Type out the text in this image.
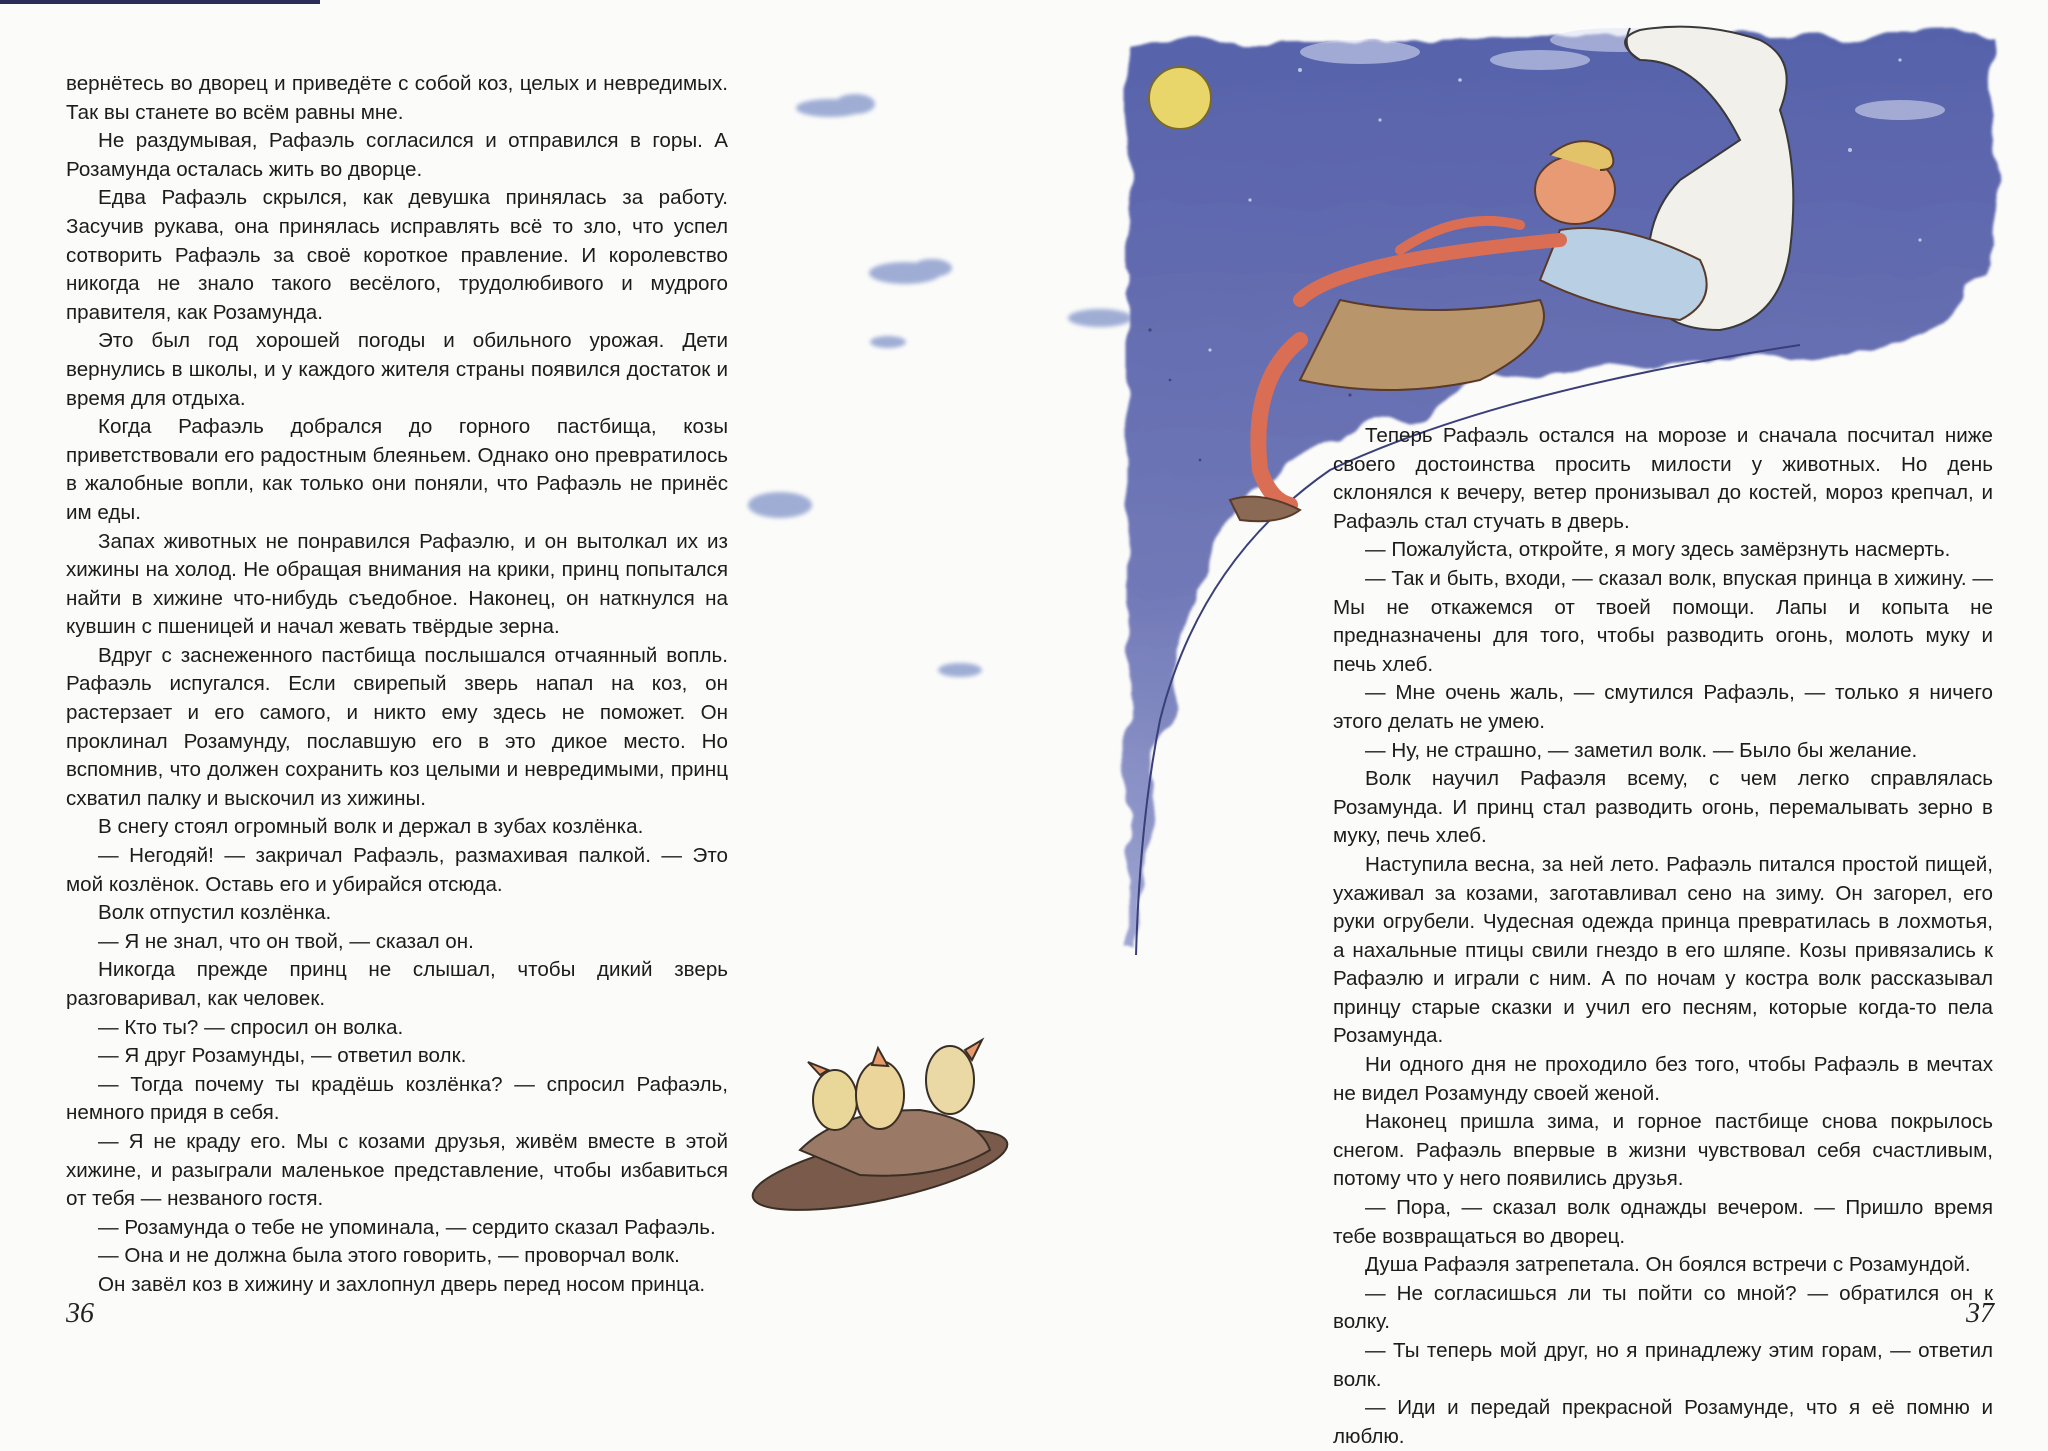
вернётесь во дворец и приведёте с собой коз, целых и невредимых. Так вы станете во всём равны мне.

Не раздумывая, Рафаэль согласился и отправился в горы. А Розамунда осталась жить во дворце.

Едва Рафаэль скрылся, как девушка принялась за работу. Засучив рукава, она принялась исправлять всё то зло, что успел сотворить Рафаэль за своё короткое правление. И королевство никогда не знало такого весёлого, трудолюбивого и мудрого правителя, как Розамунда.

Это был год хорошей погоды и обильного урожая. Дети вернулись в школы, и у каждого жителя страны появился достаток и время для отдыха.

Когда Рафаэль добрался до горного пастбища, козы приветствовали его радостным блеяньем. Однако оно превратилось в жалобные вопли, как только они поняли, что Рафаэль не принёс им еды.

Запах животных не понравился Рафаэлю, и он вытолкал их из хижины на холод. Не обращая внимания на крики, принц попытался найти в хижине что-нибудь съедобное. Наконец, он наткнулся на кувшин с пшеницей и начал жевать твёрдые зерна.

Вдруг с заснеженного пастбища послышался отчаянный вопль. Рафаэль испугался. Если свирепый зверь напал на коз, он растерзает и его самого, и никто ему здесь не поможет. Он проклинал Розамунду, пославшую его в это дикое место. Но вспомнив, что должен сохранить коз целыми и невредимыми, принц схватил палку и выскочил из хижины.

В снегу стоял огромный волк и держал в зубах козлёнка.

— Негодяй! — закричал Рафаэль, размахивая палкой. — Это мой козлёнок. Оставь его и убирайся отсюда.

Волк отпустил козлёнка.

— Я не знал, что он твой, — сказал он.

Никогда прежде принц не слышал, чтобы дикий зверь разговаривал, как человек.

— Кто ты? — спросил он волка.

— Я друг Розамунды, — ответил волк.

— Тогда почему ты крадёшь козлёнка? — спросил Рафаэль, немного придя в себя.

— Я не краду его. Мы с козами друзья, живём вместе в этой хижине, и разыграли маленькое представление, чтобы избавиться от тебя — незваного гостя.

— Розамунда о тебе не упоминала, — сердито сказал Рафаэль.

— Она и не должна была этого говорить, — проворчал волк.

Он завёл коз в хижину и захлопнул дверь перед носом принца.

36	37

Теперь Рафаэль остался на морозе и сначала посчитал ниже своего достоинства просить милости у животных. Но день склонялся к вечеру, ветер пронизывал до костей, мороз крепчал, и Рафаэль стал стучать в дверь.

— Пожалуйста, откройте, я могу здесь замёрзнуть насмерть.

— Так и быть, входи, — сказал волк, впуская принца в хижину. — Мы не откажемся от твоей помощи. Лапы и копыта не предназначены для того, чтобы разводить огонь, молоть муку и печь хлеб.

— Мне очень жаль, — смутился Рафаэль, — только я ничего этого делать не умею.

— Ну, не страшно, — заметил волк. — Было бы желание.

Волк научил Рафаэля всему, с чем легко справлялась Розамунда. И принц стал разводить огонь, перемалывать зерно в муку, печь хлеб.

Наступила весна, за ней лето. Рафаэль питался простой пищей, ухаживал за козами, заготавливал сено на зиму. Он загорел, его руки огрубели. Чудесная одежда принца превратилась в лохмотья, а нахальные птицы свили гнездо в его шляпе. Козы привязались к Рафаэлю и играли с ним. А по ночам у костра волк рассказывал принцу старые сказки и учил его песням, которые когда-то пела Розамунда.

Ни одного дня не проходило без того, чтобы Рафаэль в мечтах не видел Розамунду своей женой.

Наконец пришла зима, и горное пастбище снова покрылось снегом. Рафаэль впервые в жизни чувствовал себя счастливым, потому что у него появились друзья.

— Пора, — сказал волк однажды вечером. — Пришло время тебе возвращаться во дворец.

Душа Рафаэля затрепетала. Он боялся встречи с Розамундой.

— Не согласишься ли ты пойти со мной? — обратился он к волку.

— Ты теперь мой друг, но я принадлежу этим горам, — ответил волк.

— Иди и передай прекрасной Розамунде, что я её помню и люблю.
